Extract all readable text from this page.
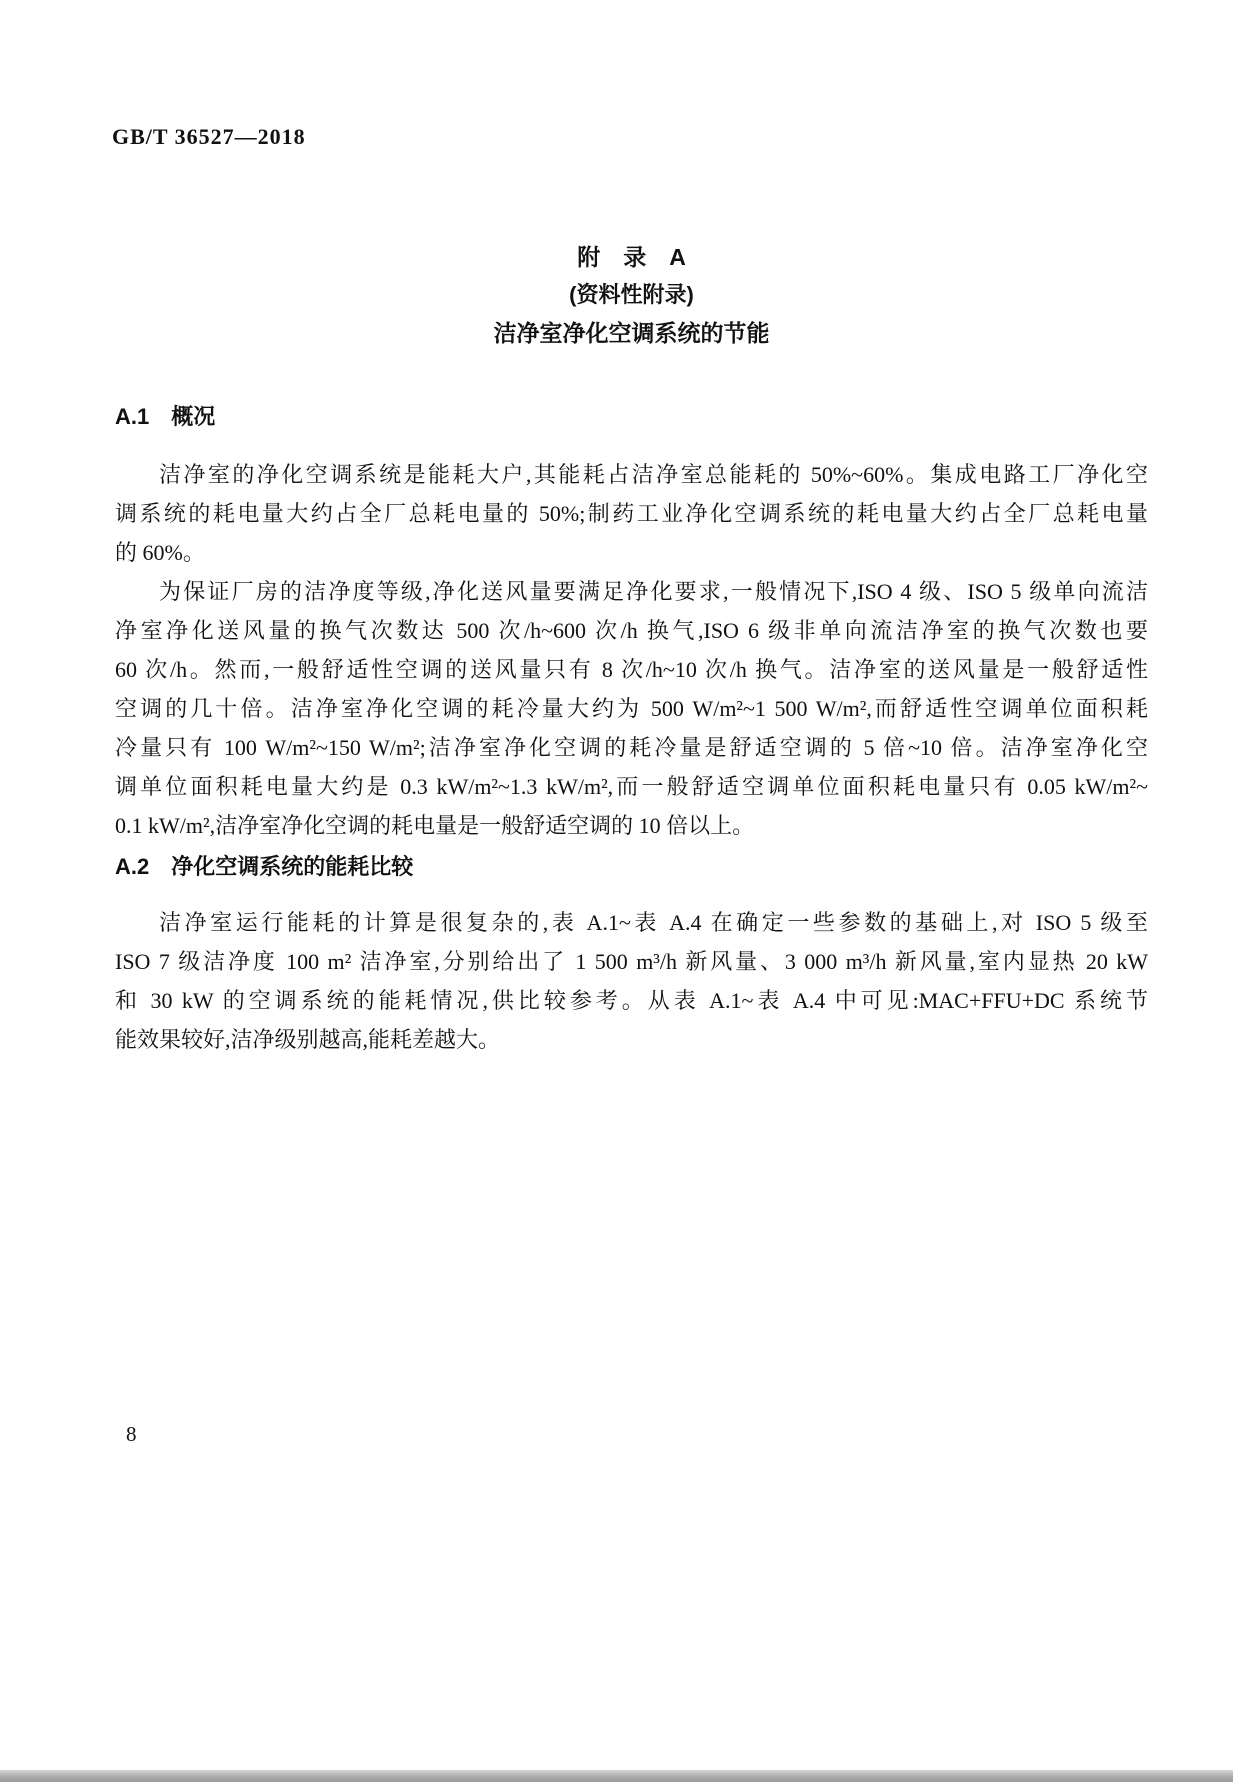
GB/T 36527—2018
附　录　A
(资料性附录)
洁净室净化空调系统的节能
A.1　概况
洁净室的净化空调系统是能耗大户,其能耗占洁净室总能耗的 50%~60%。集成电路工厂净化空
调系统的耗电量大约占全厂总耗电量的 50%;制药工业净化空调系统的耗电量大约占全厂总耗电量
的 60%。
为保证厂房的洁净度等级,净化送风量要满足净化要求,一般情况下,ISO 4 级、ISO 5 级单向流洁
净室净化送风量的换气次数达 500 次/h~600 次/h 换气,ISO 6 级非单向流洁净室的换气次数也要
60 次/h。然而,一般舒适性空调的送风量只有 8 次/h~10 次/h 换气。洁净室的送风量是一般舒适性
空调的几十倍。洁净室净化空调的耗冷量大约为 500 W/m²~1 500 W/m²,而舒适性空调单位面积耗
冷量只有 100 W/m²~150 W/m²;洁净室净化空调的耗冷量是舒适空调的 5 倍~10 倍。洁净室净化空
调单位面积耗电量大约是 0.3 kW/m²~1.3 kW/m²,而一般舒适空调单位面积耗电量只有 0.05 kW/m²~
0.1 kW/m²,洁净室净化空调的耗电量是一般舒适空调的 10 倍以上。
A.2　净化空调系统的能耗比较
洁净室运行能耗的计算是很复杂的,表 A.1~表 A.4 在确定一些参数的基础上,对 ISO 5 级至
ISO 7 级洁净度 100 m² 洁净室,分别给出了 1 500 m³/h 新风量、3 000 m³/h 新风量,室内显热 20 kW
和 30 kW 的空调系统的能耗情况,供比较参考。从表 A.1~表 A.4 中可见:MAC+FFU+DC 系统节
能效果较好,洁净级别越高,能耗差越大。
8
